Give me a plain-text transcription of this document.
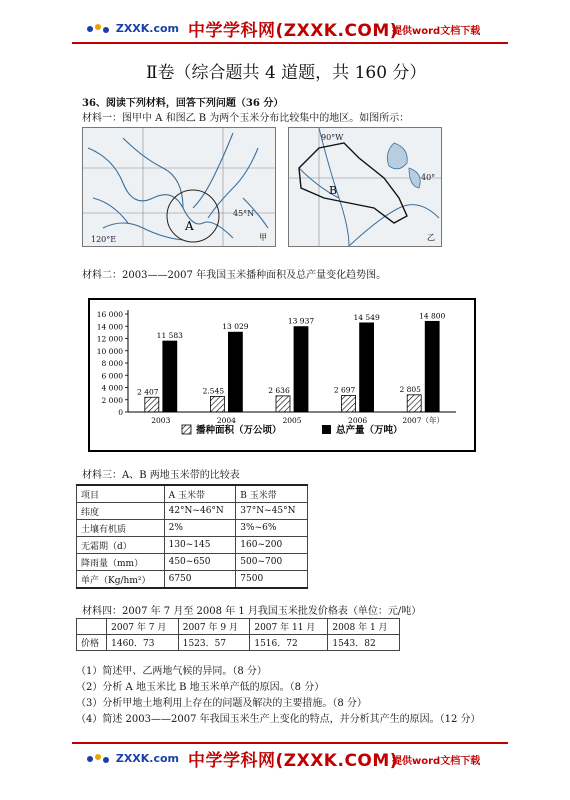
ZXXK.com 中学学科网(ZXXK.COM)
提供word文档下载
Ⅱ卷（综合题共 4 道题，共 160 分）
36、阅读下列材料，回答下列问题（36 分）
材料一：图甲中 A 和图乙 B 为两个玉米分布比较集中的地区。如图所示：
A
45°N
120°E	甲
B
90°W
40°
乙
材料二：2003——2007 年我国玉米播种面积及总产量变化趋势图。
0
2 000
4 000
6 000
8 000
10 000
12 000
14 000
16 000
2 407
11 583
2003
2.545
13 029
2004
2 636
13 937
2005
2 697
14 549
2006
2 805
14 800
2007（年）
播种面积（万公顷）	总产量（万吨）
材料三：A、B 两地玉米带的比较表
项目	A 玉米带	B 玉米带
纬度	42°N~46°N	37°N~45°N
土壤有机质	2%	3%~6%
无霜期（d）	130~145	160~200
降雨量（mm）	450~650	500~700
单产（Kg/hm²）	6750	7500
材料四：2007 年 7 月至 2008 年 1 月我国玉米批发价格表（单位：元/吨）
	2007 年 7 月	2007 年 9 月	2007 年 11 月	2008 年 1 月
价格	1460．73	1523．57	1516．72	1543．82
（1）简述甲、乙两地气候的异同。（8 分）
（2）分析 A 地玉米比 B 地玉米单产低的原因。（8 分）
（3）分析甲地土地利用上存在的问题及解决的主要措施。（8 分）
（4）简述 2003——2007 年我国玉米生产上变化的特点，并分析其产生的原因。（12 分）
ZXXK.com 中学学科网(ZXXK.COM)
提供word文档下载
